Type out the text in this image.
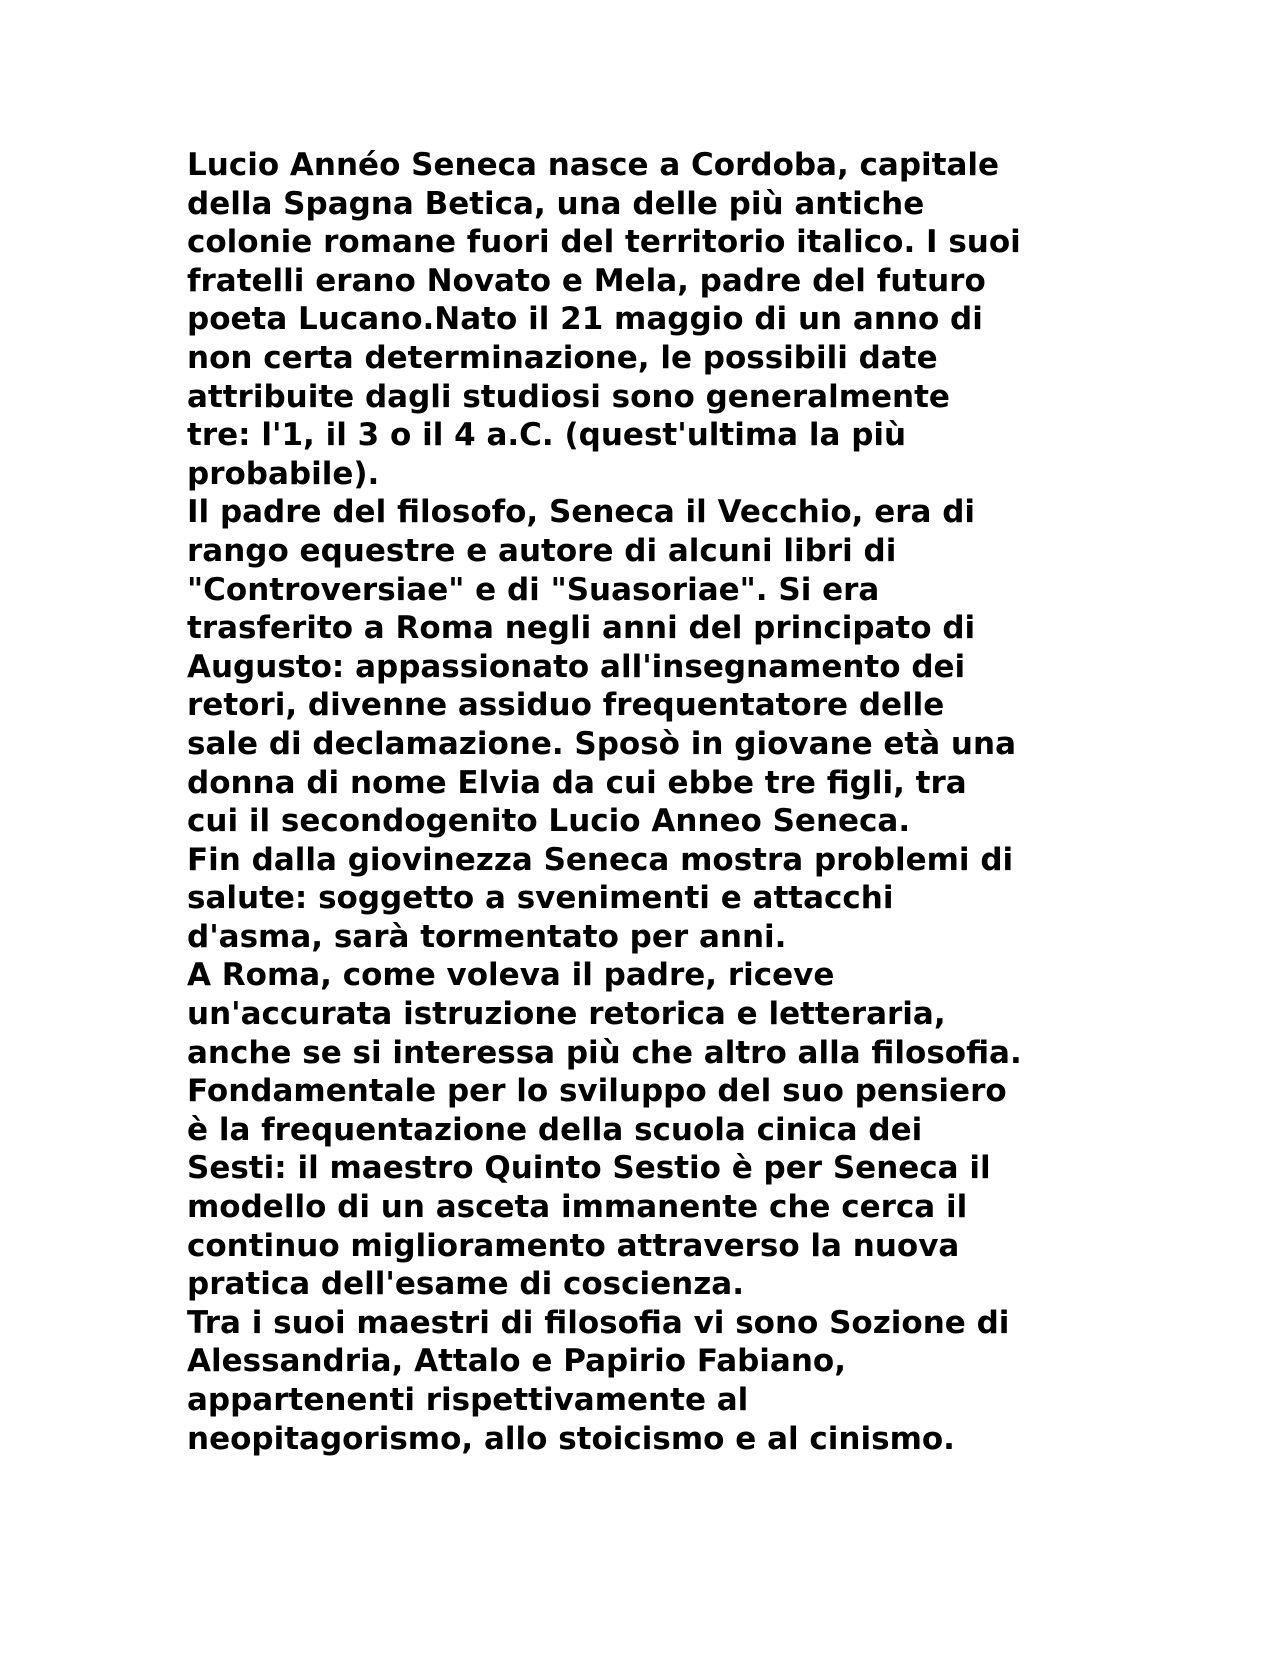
Lucio Annéo Seneca nasce a Cordoba, capitale
della Spagna Betica, una delle più antiche
colonie romane fuori del territorio italico. I suoi
fratelli erano Novato e Mela, padre del futuro
poeta Lucano.Nato il 21 maggio di un anno di
non certa determinazione, le possibili date
attribuite dagli studiosi sono generalmente
tre: l'1, il 3 o il 4 a.C. (quest'ultima la più
probabile).
Il padre del filosofo, Seneca il Vecchio, era di
rango equestre e autore di alcuni libri di
"Controversiae" e di "Suasoriae". Si era
trasferito a Roma negli anni del principato di
Augusto: appassionato all'insegnamento dei
retori, divenne assiduo frequentatore delle
sale di declamazione. Sposò in giovane età una
donna di nome Elvia da cui ebbe tre figli, tra
cui il secondogenito Lucio Anneo Seneca.
Fin dalla giovinezza Seneca mostra problemi di
salute: soggetto a svenimenti e attacchi
d'asma, sarà tormentato per anni.
A Roma, come voleva il padre, riceve
un'accurata istruzione retorica e letteraria,
anche se si interessa più che altro alla filosofia.
Fondamentale per lo sviluppo del suo pensiero
è la frequentazione della scuola cinica dei
Sesti: il maestro Quinto Sestio è per Seneca il
modello di un asceta immanente che cerca il
continuo miglioramento attraverso la nuova
pratica dell'esame di coscienza.
Tra i suoi maestri di filosofia vi sono Sozione di
Alessandria, Attalo e Papirio Fabiano,
appartenenti rispettivamente al
neopitagorismo, allo stoicismo e al cinismo.
